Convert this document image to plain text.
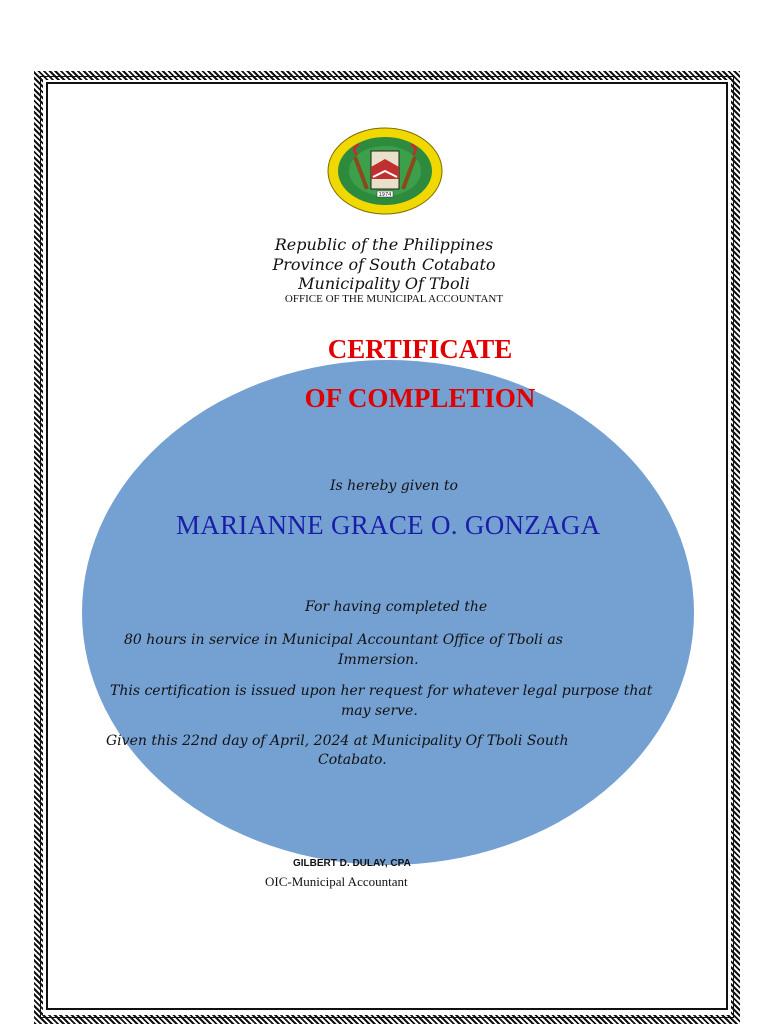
1974
Republic of the Philippines
Province of South Cotabato
Municipality Of Tboli
OFFICE OF THE MUNICIPAL ACCOUNTANT
CERTIFICATE
OF COMPLETION
Is hereby given to
MARIANNE GRACE O. GONZAGA
For having completed the
80 hours in service in Municipal Accountant Office of Tboli as
Immersion.
This certification is issued upon her request for whatever legal purpose that
may serve.
Given this 22nd day of April, 2024 at Municipality Of Tboli South
Cotabato.
GILBERT D. DULAY, CPA
OIC-Municipal Accountant
